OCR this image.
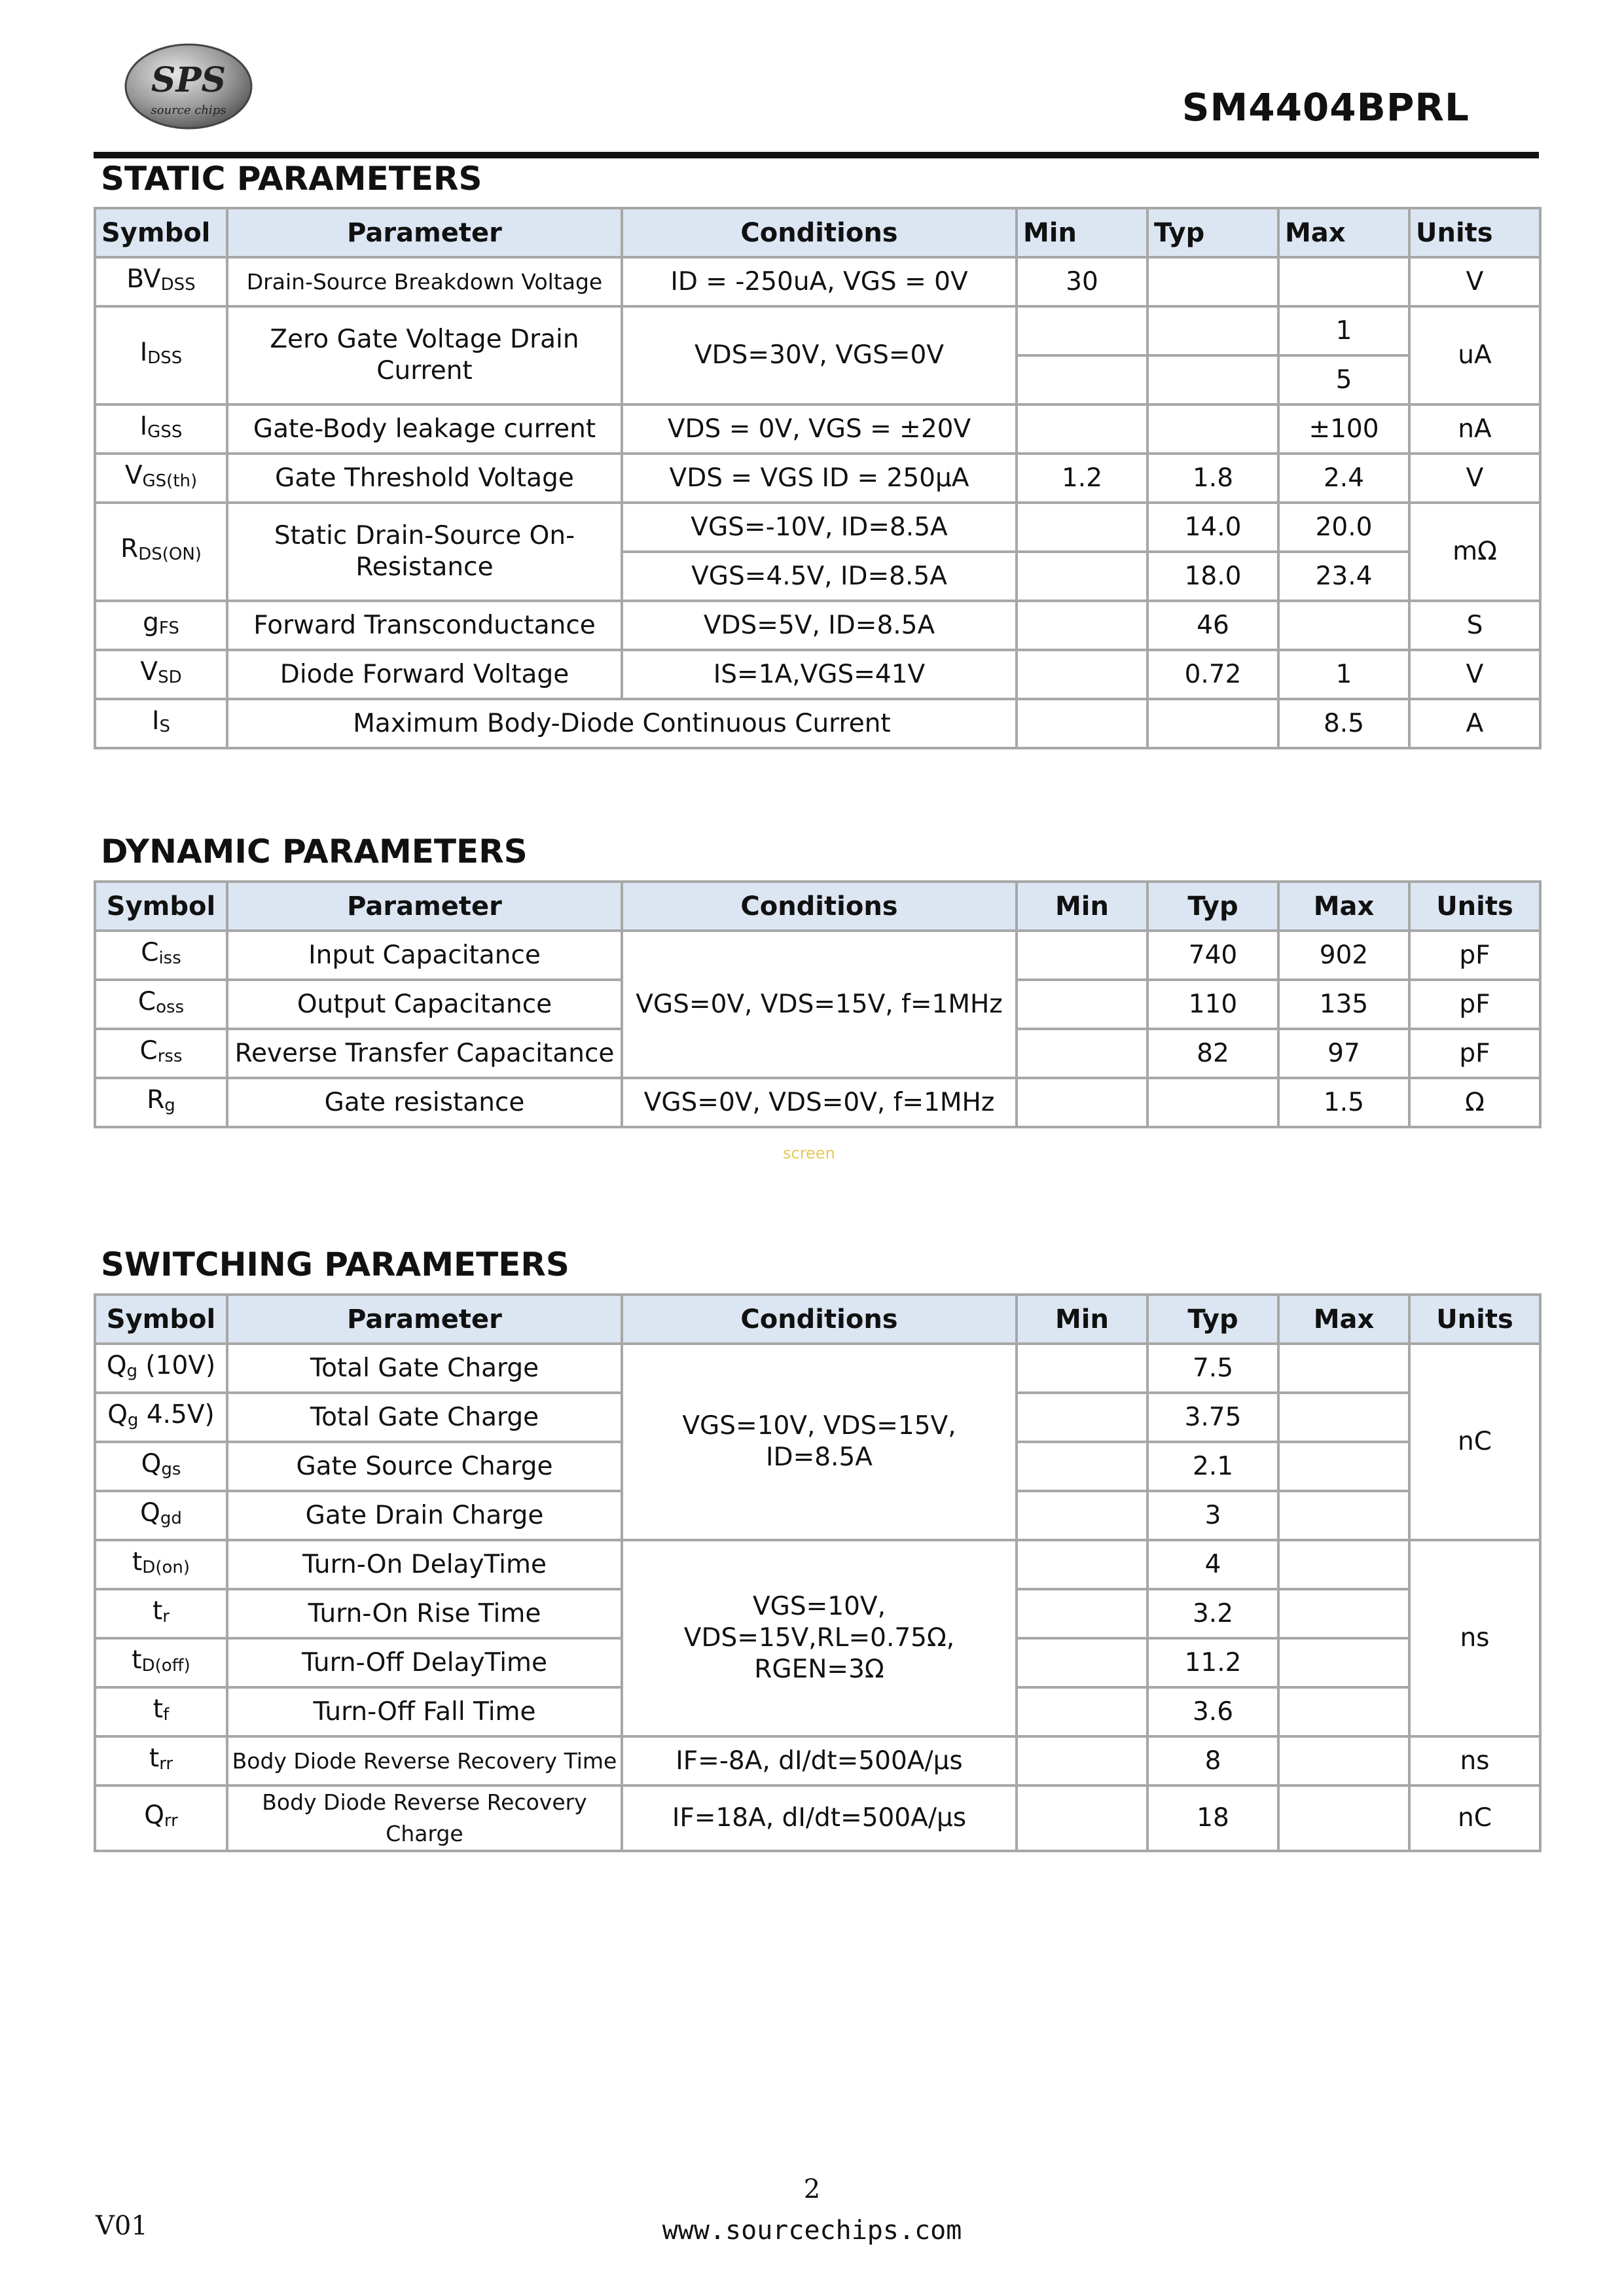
SPS
source chips	SM4404BPRL
STATIC PARAMETERS
Symbol	Parameter	Conditions	Min	Typ	Max	Units
$BV_{DSS}$	Drain-Source Breakdown Voltage	ID = -250uA, VGS = 0V	30			V
$I_{DSS}$	Zero Gate Voltage Drain Current	VDS=30V, VGS=0V			1	uA
					5	
$I_{GSS}$	Gate-Body leakage current	VDS = 0V, VGS = ±20V			±100	nA
$V_{GS(th)}$	Gate Threshold Voltage	VDS = VGS ID = 250μA	1.2	1.8	2.4	V
$R_{DS(ON)}$	Static Drain-Source On-Resistance	VGS=-10V, ID=8.5A		14.0	20.0	mΩ
		VGS=4.5V, ID=8.5A		18.0	23.4	
$g_{FS}$	Forward Transconductance	VDS=5V, ID=8.5A		46		S
$V_{SD}$	Diode Forward Voltage	IS=1A,VGS=41V		0.72	1	V
$I_S$	Maximum Body-Diode Continuous Current				8.5	A
DYNAMIC PARAMETERS
Symbol	Parameter	Conditions	Min	Typ	Max	Units
$C_{iss}$	Input Capacitance	VGS=0V, VDS=15V, f=1MHz		740	902	pF
$C_{oss}$	Output Capacitance			110	135	pF
$C_{rss}$	Reverse Transfer Capacitance			82	97	pF
$R_g$	Gate resistance	VGS=0V, VDS=0V, f=1MHz			1.5	Ω
screen
SWITCHING PARAMETERS
Symbol	Parameter	Conditions	Min	Typ	Max	Units
$Q_g$ (10V)	Total Gate Charge	VGS=10V, VDS=15V, ID=8.5A		7.5		nC
$Q_g$ 4.5V)	Total Gate Charge			3.75		
$Q_{gs}$	Gate Source Charge			2.1		
$Q_{gd}$	Gate Drain Charge			3		
$t_{D(on)}$	Turn-On DelayTime	VGS=10V, VDS=15V,RL=0.75Ω, RGEN=3Ω		4		ns
$t_r$	Turn-On Rise Time			3.2		
$t_{D(off)}$	Turn-Off DelayTime			11.2		
$t_f$	Turn-Off Fall Time			3.6		
$t_{rr}$	Body Diode Reverse Recovery Time	IF=-8A, dI/dt=500A/μs		8		ns
$Q_{rr}$	Body Diode Reverse Recovery Charge	IF=18A, dI/dt=500A/μs		18		nC
2
V01	www.sourcechips.com
